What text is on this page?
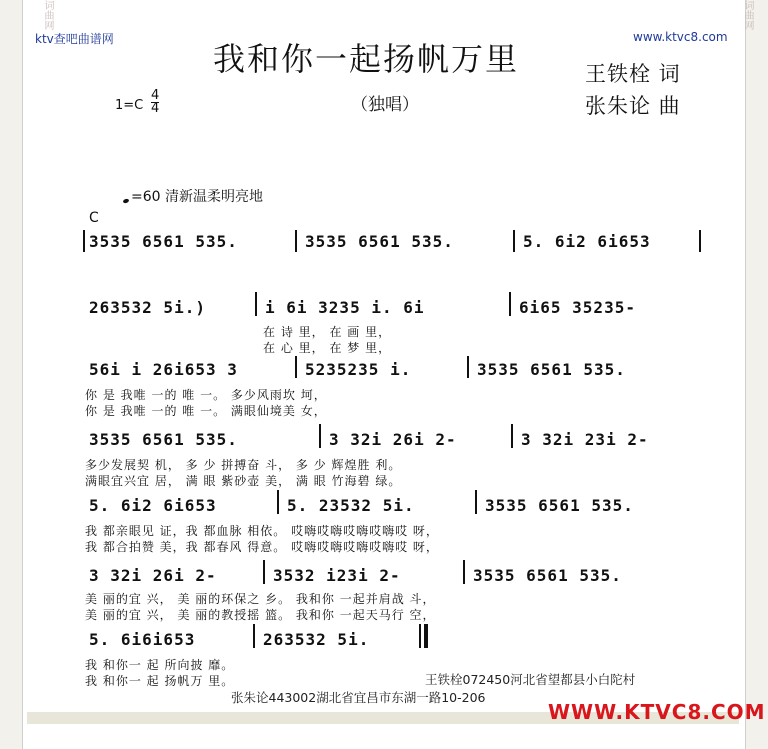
词曲网	词曲网
ktv查吧曲谱网	www.ktvc8.com
我和你一起扬帆万里
（独唱）
王铁栓 词
张朱论 曲
1=C
4
4
=60 清新温柔明亮地
C
3535 6561 535.	3535 6561 535.	5. 6i2 6i653
263532 5i.)	i 6i 3235 i. 6i	6i65 35235-
在 诗 里， 在 画 里，
在 心 里， 在 梦 里，
56i i 26i653 3	5235235 i.	3535 6561 535.
你 是 我唯 一的 唯 一。 多少风雨坎 坷，
你 是 我唯 一的 唯 一。 满眼仙境美 女，
3535 6561 535.	3 32i 26i 2-	3 32i 23i 2-
多少发展契 机， 多 少 拼搏奋 斗， 多 少 辉煌胜 利。
满眼宜兴宜 居， 满 眼 紫砂壶 美， 满 眼 竹海碧 绿。
5. 6i2 6i653	5. 23532 5i.	3535 6561 535.
我 都亲眼见 证，我 都血脉 相依。 哎嗨哎嗨哎嗨哎嗨哎 呀，
我 都合拍赞 美，我 都春风 得意。 哎嗨哎嗨哎嗨哎嗨哎 呀，
3 32i 26i 2-	3532 i23i 2-	3535 6561 535.
美 丽的宜 兴， 美 丽的环保之 乡。 我和你 一起并肩战 斗，
美 丽的宜 兴， 美 丽的教授摇 篮。 我和你 一起天马行 空，
5. 6i6i653	263532 5i.
我 和你一 起 所向披 靡。
我 和你一 起 扬帆万 里。	王铁栓072450河北省望都县小白陀村
张朱论443002湖北省宜昌市东湖一路10-206
WWW.KTVC8.COM
